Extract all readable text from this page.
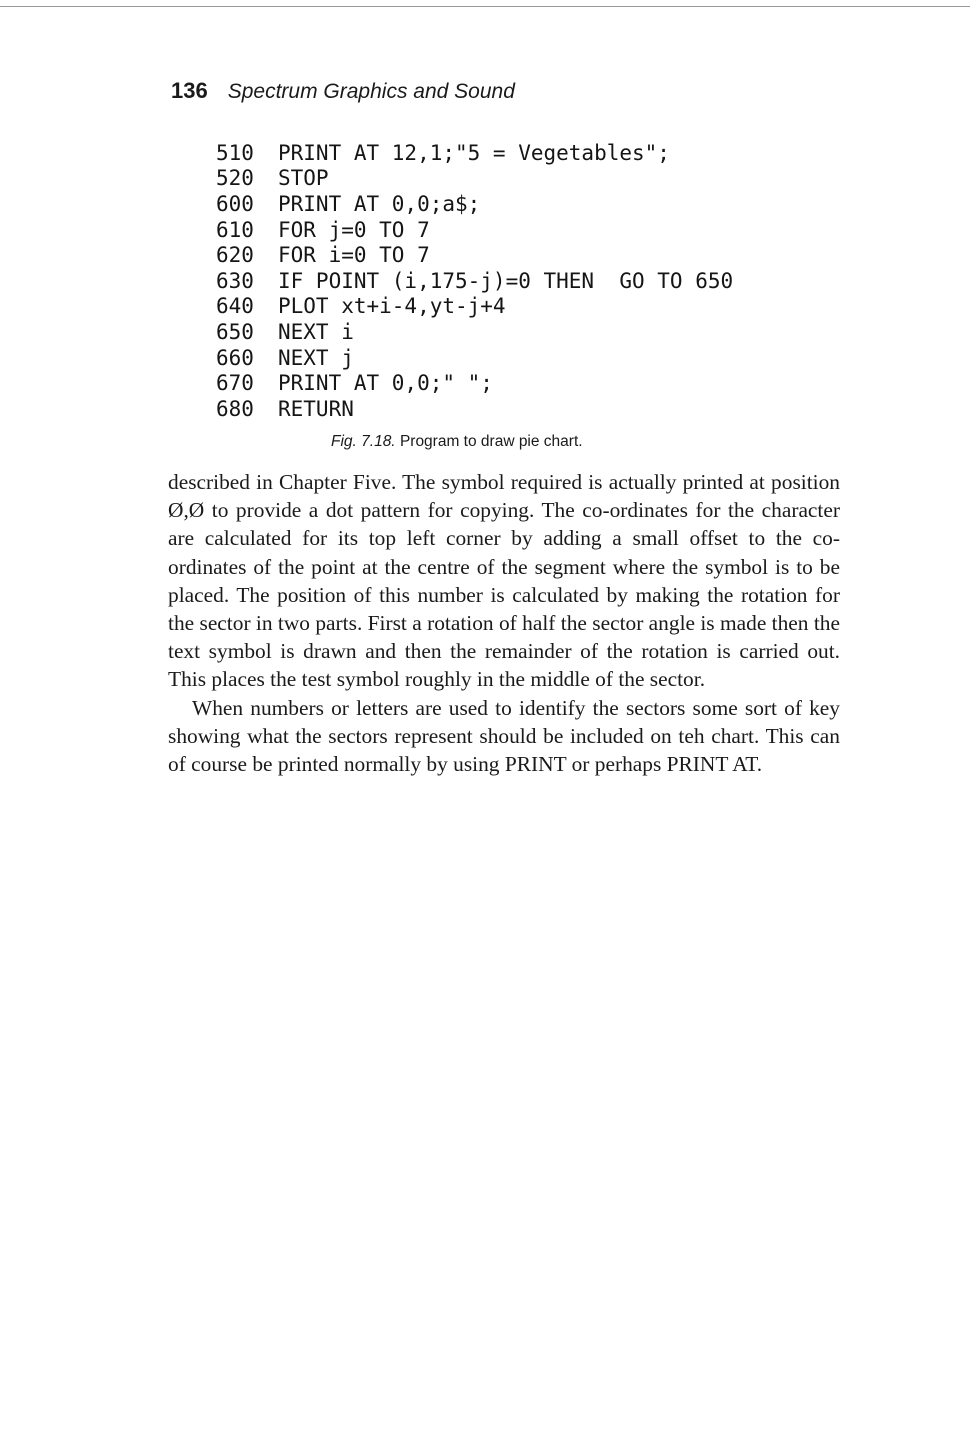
136 Spectrum Graphics and Sound
510	PRINT AT 12,1;"5 = Vegetables";
520	STOP
600	PRINT AT 0,0;a$;
610	FOR j=0 TO 7
620	FOR i=0 TO 7
630	IF POINT (i,175-j)=0 THEN  GO TO 650
640	PLOT xt+i-4,yt-j+4
650	NEXT i
660	NEXT j
670	PRINT AT 0,0;" ";
680	RETURN
Fig. 7.18. Program to draw pie chart.

described in Chapter Five. The symbol required is actually printed at position Ø,Ø to provide a dot pattern for copying. The co-ordinates for the character are calculated for its top left corner by adding a small offset to the co-ordinates of the point at the centre of the segment where the symbol is to be placed. The position of this number is calculated by making the rotation for the sector in two parts. First a rotation of half the sector angle is made then the text symbol is drawn and then the remainder of the rotation is carried out. This places the test symbol roughly in the middle of the sector.

When numbers or letters are used to identify the sectors some sort of key showing what the sectors represent should be included on teh chart. This can of course be printed normally by using PRINT or perhaps PRINT AT.
